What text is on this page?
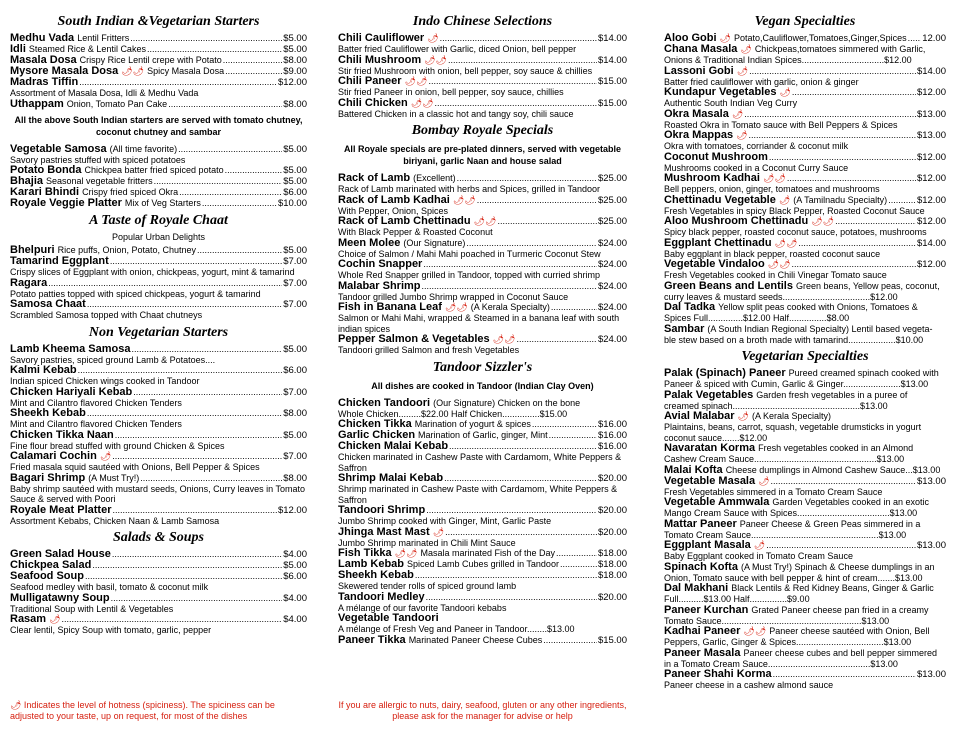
South Indian &Vegetarian Starters
Medhu Vada Lentil Fritters .....	$5.00
Idli Steamed Rice & Lentil Cakes .....	$5.00
Masala Dosa Crispy Rice Lentil crepe with Potato .....	$8.00
Mysore Masala Dosa 🌶🌶 Spicy Masala Dosa .....	$9.00
Madras Tiffin .....	$12.00
Assortment of Masala Dosa, Idli & Medhu Vada
Uthappam Onion, Tomato Pan Cake .....	$8.00
All the above South Indian starters are served with tomato chutney, coconut chutney and sambar
Vegetable Samosa (All time favorite) .....	$5.00
Savory pastries stuffed with spiced potatoes
Potato Bonda Chickpea batter fried spiced potato .....	$5.00
Bhajia Seasonal vegetable fritters .....	$5.00
Karari Bhindi Crispy fried spiced Okra .....	$6.00
Royale Veggie Platter Mix of Veg Starters .....	$10.00
A Taste of Royale Chaat
Popular Urban Delights
Bhelpuri Rice puffs, Onion, Potato, Chutney .....	$5.00
Tamarind Eggplant .....	$7.00
Crispy slices of Eggplant with onion, chickpeas, yogurt, mint & tamarind
Ragara .....	$7.00
Potato patties topped with spiced chickpeas, yogurt & tamarind
Samosa Chaat .....	$7.00
Scrambled Samosa topped with Chaat chutneys
Non Vegetarian Starters
Lamb Kheema Samosa .....	$5.00
Savory pastries, spiced ground Lamb & Potatoes....
Kalmi Kebab .....	$6.00
Indian spiced Chicken wings cooked in Tandoor
Chicken Hariyali Kebab .....	$7.00
Mint and Cilantro flavored Chicken Tenders
Sheekh Kebab .....	$8.00
Mint and Cilantro flavored Chicken Tenders
Chicken Tikka Naan .....	$5.00
Fine flour bread stuffed with ground Chicken & Spices
Calamari Cochin 🌶 .....	$7.00
Fried masala squid sautéed with Onions, Bell Pepper & Spices
Bagari Shrimp (A Must Try!) .....	$8.00
Baby shrimp sautéed with mustard seeds, Onions, Curry leaves in Tomato Sauce & served with Poori
Royale Meat Platter .....	$12.00
Assortment Kebabs, Chicken Naan & Lamb Samosa
Salads & Soups
Green Salad House .....	$4.00
Chickpea Salad .....	$5.00
Seafood Soup .....	$6.00
Seafood medley with basil, tomato & coconut milk
Mulligatawny Soup .....	$4.00
Traditional Soup with Lentil & Vegetables
Rasam 🌶 .....	$4.00
Clear lentil, Spicy Soup with tomato, garlic, pepper
Indo Chinese Selections
Chili Cauliflower 🌶 .....	$14.00
Batter fried Cauliflower with Garlic, diced Onion, bell pepper
Chili Mushroom 🌶🌶 .....	$14.00
Stir fried Mushroom with onion, bell pepper, soy sauce & chillies
Chili Paneer 🌶🌶 .....	$15.00
Stir fried Paneer in onion, bell pepper, soy sauce, chillies
Chili Chicken 🌶🌶 .....	$15.00
Battered Chicken in a classic hot and tangy soy, chili sauce
Bombay Royale Specials
All Royale specials are pre-plated dinners, served with vegetable biriyani, garlic Naan and house salad
Rack of Lamb (Excellent) .....	$25.00
Rack of Lamb marinated with herbs and Spices, grilled in Tandoor
Rack of Lamb Kadhai 🌶🌶 .....	$25.00
With Pepper, Onion, Spices
Rack of Lamb Chettinadu 🌶🌶 .....	$25.00
With Black Pepper & Roasted Coconut
Meen Molee (Our Signature) .....	$24.00
Choice of Salmon / Mahi Mahi poached in Turmeric Coconut Stew
Cochin Snapper .....	$24.00
Whole Red Snapper grilled in Tandoor, topped with curried shrimp
Malabar Shrimp .....	$24.00
Tandoor grilled Jumbo Shrimp wrapped in Coconut Sauce
Fish in Banana Leaf 🌶🌶 (A Kerala Specialty) .....	$24.00
Salmon or Mahi Mahi, wrapped & Steamed in a banana leaf with south indian spices
Pepper Salmon & Vegetables 🌶🌶 .....	$24.00
Tandoori grilled Salmon and fresh Vegetables
Tandoor Sizzler's
All dishes are cooked in Tandoor (Indian Clay Oven)
Chicken Tandoori (Our Signature) Chicken on the bone
Whole Chicken.........$22.00 Half Chicken...............$15.00
Chicken Tikka Marination of yogurt & spices .....	$16.00
Garlic Chicken Marination of Garlic, ginger, Mint .....	$16.00
Chicken Malai Kebab .....	$16.00
Chicken marinated in Cashew Paste with Cardamom, White Peppers & Saffron
Shrimp Malai Kebab .....	$20.00
Shrimp marinated in Cashew Paste with Cardamom, White Peppers & Saffron
Tandoori Shrimp .....	$20.00
Jumbo Shrimp cooked with Ginger, Mint, Garlic Paste
Jhinga Mast Mast 🌶 .....	$20.00
Jumbo Shrimp marinated in Chili Mint Sauce
Fish Tikka 🌶🌶 Masala marinated Fish of the Day .....	$18.00
Lamb Kebab Spiced Lamb Cubes grilled in Tandoor .....	$18.00
Sheekh Kebab .....	$18.00
Skewered tender rolls of spiced ground lamb
Tandoori Medley .....	$20.00
A mélange of our favorite Tandoori kebabs
Vegetable Tandoori
A mélange of Fresh Veg and Paneer in Tandoor........$13.00
Paneer Tikka Marinated Paneer Cheese Cubes .....	$15.00
Vegan Specialties
Aloo Gobi 🌶 Potato,Cauliflower,Tomatoes,Ginger,Spices ..... 12.00
Chana Masala 🌶 Chickpeas,tomatoes simmered with Garlic,
Onions & Traditional Indian Spices.................................$12.00
Lassoni Gobi 🌶 .....	$14.00
Batter fried cauliflower with garlic, onion & ginger
Kundapur Vegetables 🌶 .....	$12.00
Authentic South Indian Veg Curry
Okra Masala 🌶 .....	$13.00
Roasted Okra in Tomato sauce with Bell Peppers & Spices
Okra Mappas 🌶 .....	$13.00
Okra with tomatoes, corriander & coconut milk
Coconut Mushroom .....	$12.00
Mushrooms cooked in a Coconut Curry Sauce
Mushroom Kadhai 🌶🌶 .....	$12.00
Bell peppers, onion, ginger, tomatoes and mushrooms
Chettinadu Vegetable 🌶 (A Tamilnadu Specialty) .....	$12.00
Fresh Vegetables in spicy Black Pepper, Roasted Coconut Sauce
Aloo Mushroom Chettinadu 🌶🌶 .....	$12.00
Spicy black pepper, roasted coconut sauce, potatoes, mushrooms
Eggplant Chettinadu 🌶🌶 .....	$14.00
Baby eggplant in black pepper, roasted coconut sauce
Vegetable Vindaloo 🌶🌶 .....	$12.00
Fresh Vegetables cooked in Chili Vinegar Tomato sauce
Green Beans and Lentils Green beans, Yellow peas, coconut,
curry leaves & mustard seeds...................................$12.00
Dal Tadka Yellow split peas cooked with Onions, Tomatoes &
Spices Full..............$12.00 Half...............$8.00
Sambar (A South Indian Regional Specialty) Lentil based vegeta-
ble stew based on a broth made with tamarind...................$10.00
Vegetarian Specialties
Palak (Spinach) Paneer Pureed creamed spinach cooked with
Paneer & spiced with Cumin, Garlic & Ginger.......................$13.00
Palak Vegetables Garden fresh vegetables in a puree of
creamed spinach...................................................$13.00
Avial Malabar 🌶 (A Kerala Specialty)
Plaintains, beans, carrot, squash, vegetable drumsticks in yogurt coconut sauce.......$12.00
Navaratan Korma Fresh vegetables cooked in an Almond
Cashew Cream Sauce.................................................$13.00
Malai Kofta Cheese dumplings in Almond Cashew Sauce...$13.00
Vegetable Masala 🌶 .....	$13.00
Fresh Vegetables simmered in a Tomato Cream Sauce
Vegetable Ammwala Garden Vegetables cooked in an exotic
Mango Cream Sauce with Spices.....................................$13.00
Mattar Paneer Paneer Cheese & Green Peas simmered in a
Tomato Cream Sauce...................................................$13.00
Eggplant Masala 🌶 .....	$13.00
Baby Eggplant cooked in Tomato Cream Sauce
Spinach Kofta (A Must Try!) Spinach & Cheese dumplings in an
Onion, Tomato sauce with bell pepper & hint of cream.......$13.00
Dal Makhani Black Lentils & Red Kidney Beans, Ginger & Garlic
Full..........$13.00 Half...............$9.00
Paneer Kurchan Grated Paneer cheese pan fried in a creamy
Tomato Sauce........................................................$13.00
Kadhai Paneer 🌶🌶 Paneer cheese sautéed with Onion, Bell
Peppers, Garlic, Ginger & Spices...................................$13.00
Paneer Masala Paneer cheese cubes and bell pepper simmered
in a Tomato Cream Sauce.........................................$13.00
Paneer Shahi Korma .....	$13.00
Paneer cheese in a cashew almond sauce
🌶 Indicates the level of hotness (spiciness). The spiciness can be adjusted to your taste, up on request, for most of the dishes
If you are allergic to nuts, dairy, seafood, gluten or any other ingredients, please ask for the manager for advise or help
